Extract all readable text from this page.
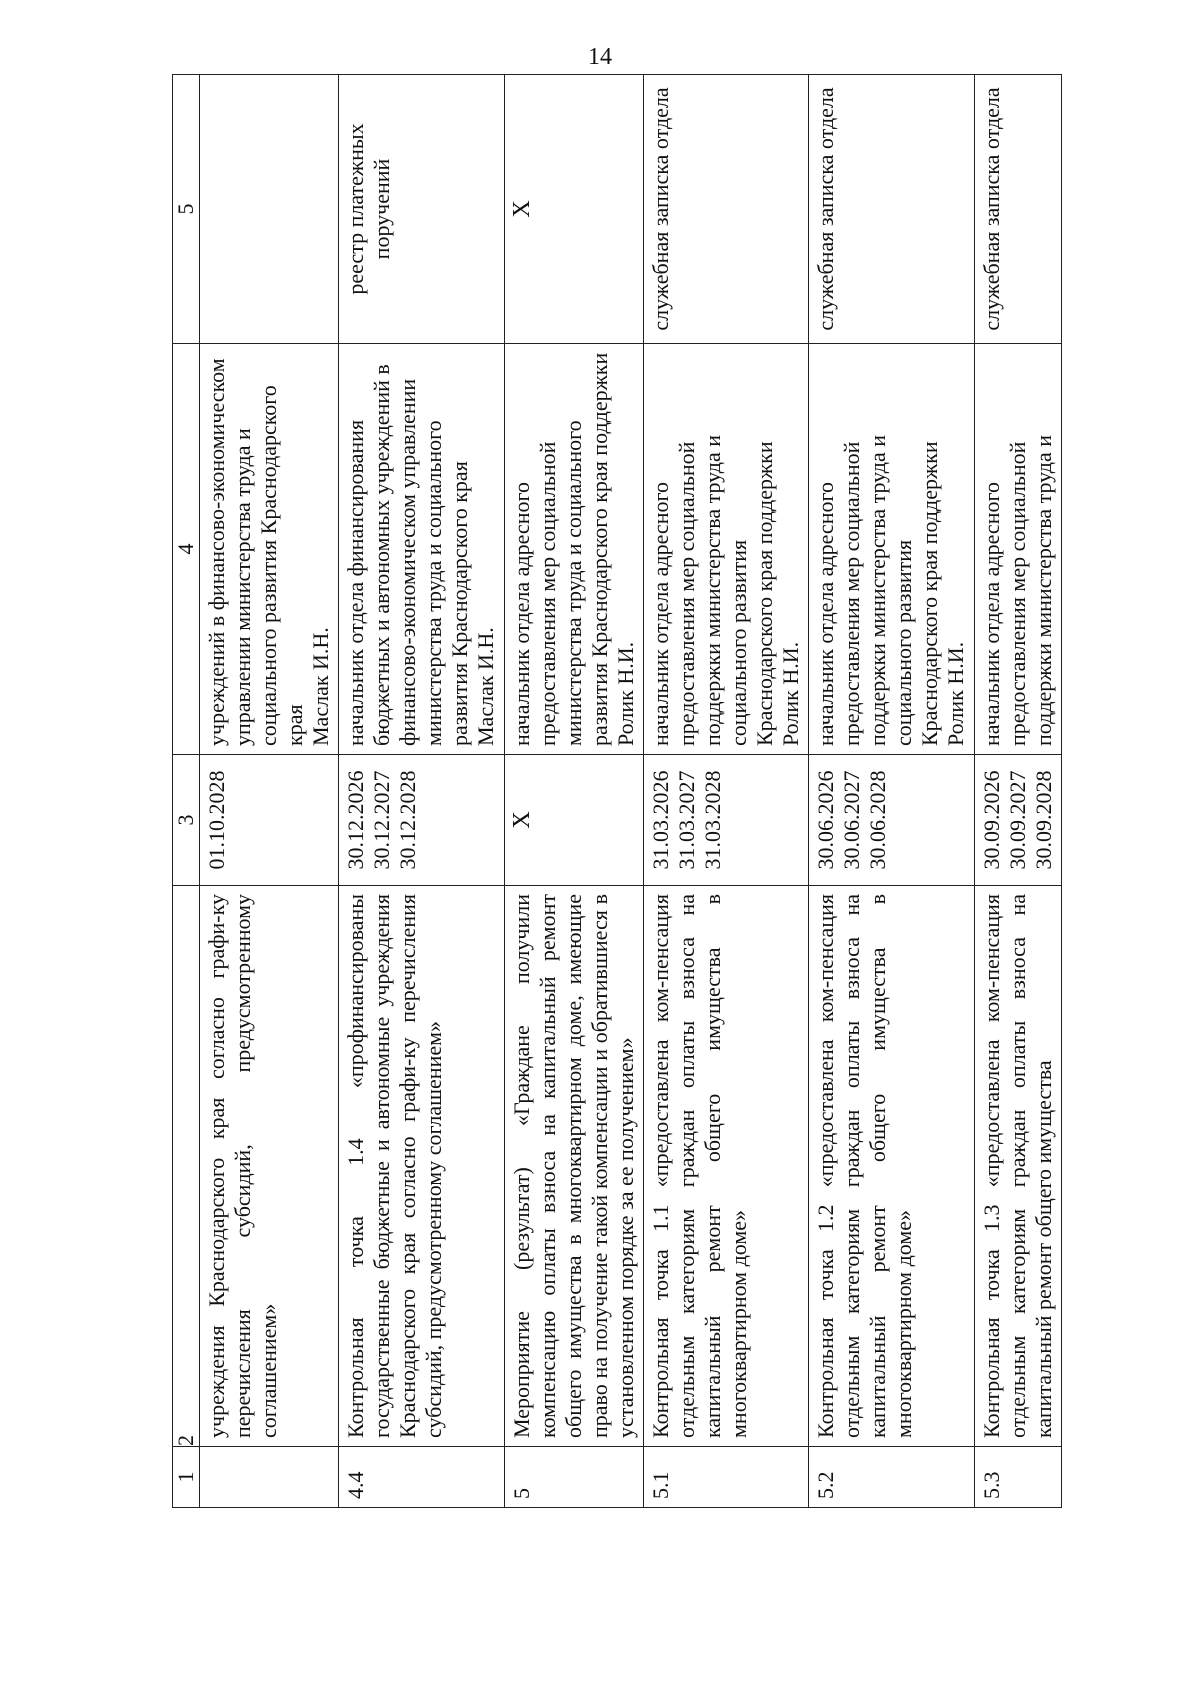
14
1	2	3	4	5
	учреждения Краснодарского края согласно графи-ку перечисления субсидий, предусмотренному соглашением»	01.10.2028	учреждений в финансово-экономическом управлении министерства труда и социального развития Краснодарского края Маслак И.Н.	

4.4	Контрольная точка 1.4 «профинансированы государственные бюджетные и автономные учреждения Краснодарского края согласно графи-ку перечисления субсидий, предусмотренному соглашением»	30.12.2026 30.12.2027 30.12.2028	начальник отдела финансирования бюджетных и автономных учреждений в финансово-экономическом управлении министерства труда и социального развития Краснодарского края Маслак И.Н.	реестр платежных поручений
5	Мероприятие (результат) «Граждане получили компенсацию оплаты взноса на капитальный ремонт общего имущества в многоквартирном доме, имеющие право на получение такой компенсации и обратившиеся в установленном порядке за ее получением»	Х	начальник отдела адресного предоставления мер социальной министерства труда и социального развития Краснодарского края поддержки Ролик Н.И.	Х

5.1	Контрольная точка 1.1 «предоставлена ком-пенсация отдельным категориям граждан оплаты взноса на капитальный ремонт общего имущества в многоквартирном доме»	31.03.2026 31.03.2027 31.03.2028	начальник отдела адресного предоставления мер социальной поддержки министерства труда и социального развития Краснодарского края поддержки Ролик Н.И.	служебная записка отдела
5.2	Контрольная точка 1.2 «предоставлена ком-пенсация отдельным категориям граждан оплаты взноса на капитальный ремонт общего имущества в многоквартирном доме»	30.06.2026 30.06.2027 30.06.2028	начальник отдела адресного предоставления мер социальной поддержки министерства труда и социального развития Краснодарского края поддержки Ролик Н.И.	служебная записка отдела
5.3	Контрольная точка 1.3 «предоставлена ком-пенсация отдельным категориям граждан оплаты взноса на капитальный ремонт общего имущества	30.09.2026 30.09.2027 30.09.2028	начальник отдела адресного предоставления мер социальной поддержки министерства труда и	служебная записка отдела
